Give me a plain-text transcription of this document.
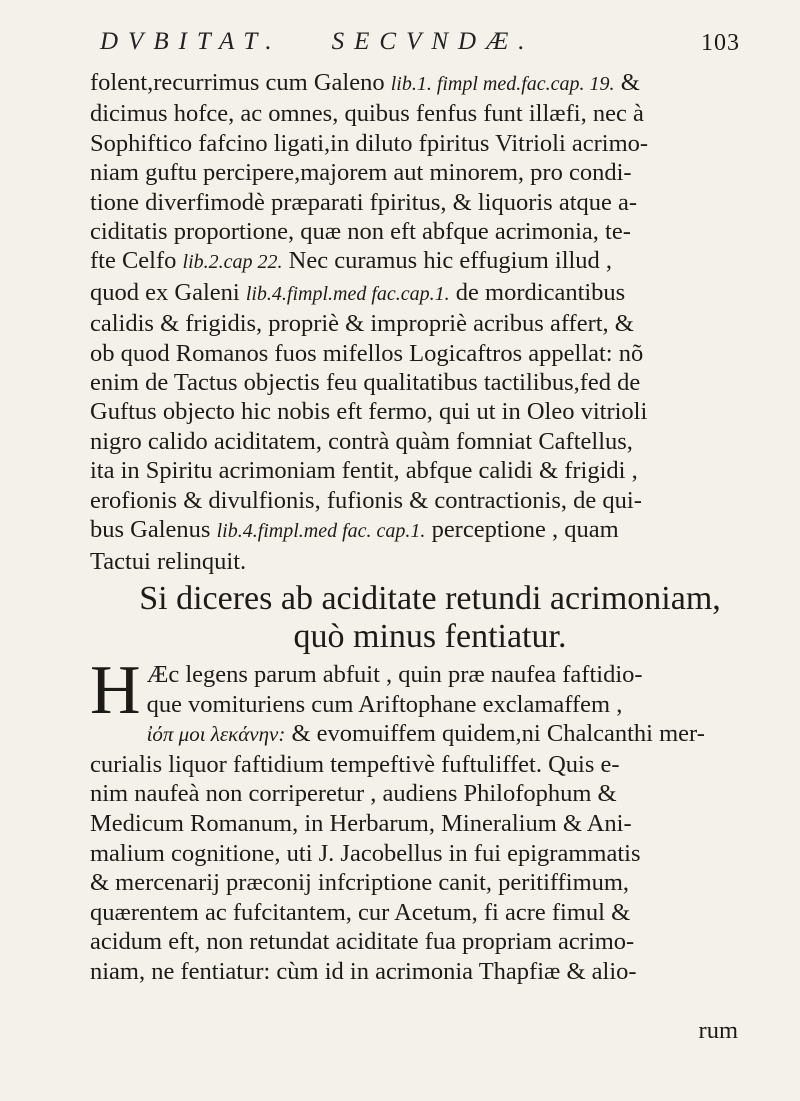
DVBITAT. SECVNDÆ.	103
folent,recurrimus cum Galeno lib.1. fimpl med.fac.cap. 19. &
dicimus hofce, ac omnes, quibus fenfus funt illæfi, nec à
Sophiftico fafcino ligati,in diluto fpiritus Vitrioli acrimo-
niam guftu percipere,majorem aut minorem, pro condi-
tione diverfimodè præparati fpiritus, & liquoris atque a-
ciditatis proportione, quæ non eft abfque acrimonia, te-
fte Celfo lib.2.cap 22. Nec curamus hic effugium illud ,
quod ex Galeni lib.4.fimpl.med fac.cap.1. de mordicantibus
calidis & frigidis, propriè & impropriè acribus affert, &
ob quod Romanos fuos mifellos Logicaftros appellat: nõ
enim de Tactus objectis feu qualitatibus tactilibus,fed de
Guftus objecto hic nobis eft fermo, qui ut in Oleo vitrioli
nigro calido aciditatem, contrà quàm fomniat Caftellus,
ita in Spiritu acrimoniam fentit, abfque calidi & frigidi ,
erofionis & divulfionis, fufionis & contractionis, de qui-
bus Galenus lib.4.fimpl.med fac. cap.1. perceptione , quam
Tactui relinquit.
Si diceres ab aciditate retundi acrimoniam,
quò minus fentiatur.
H Æc legens parum abfuit , quin præ naufea faftidio-
que vomituriens cum Ariftophane exclamaffem ,
ἰόπ μοι λεκάνην: & evomuiffem quidem,ni Chalcanthi mer-
curialis liquor faftidium tempeftivè fuftuliffet. Quis e-
nim naufeà non corriperetur , audiens Philofophum &
Medicum Romanum, in Herbarum, Mineralium & Ani-
malium cognitione, uti J. Jacobellus in fui epigrammatis
& mercenarij præconij infcriptione canit, peritiffimum,
quærentem ac fufcitantem, cur Acetum, fi acre fimul &
acidum eft, non retundat aciditate fua propriam acrimo-
niam, ne fentiatur: cùm id in acrimonia Thapfiæ & alio-
rum
